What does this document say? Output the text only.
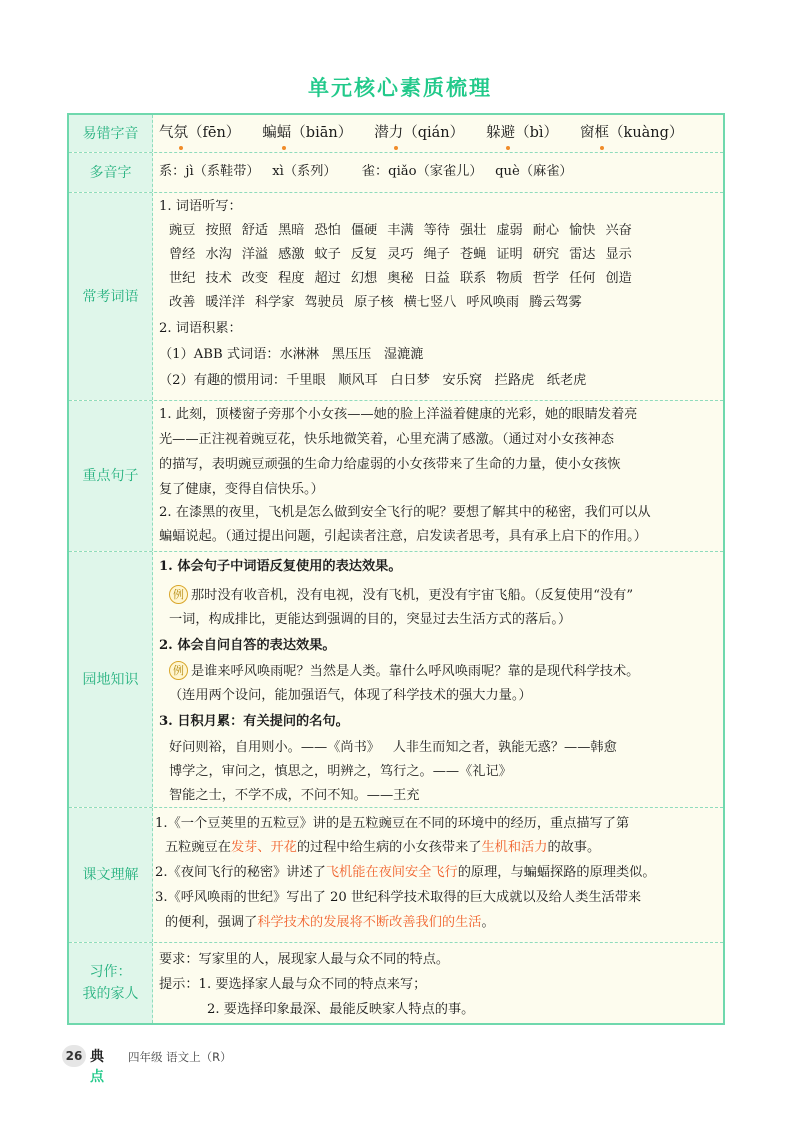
单元核心素质梳理
易错字音	气氛（fēn） 蝙蝠（biān） 潜力（qián） 躲避（bì） 窗框（kuàng）
多音字	系：jì（系鞋带）   xì（系列）      雀：qiǎo（家雀儿）   què（麻雀）
常考词语
1. 词语听写：
豌豆 按照 舒适 黑暗 恐怕 僵硬 丰满 等待 强壮 虚弱 耐心 愉快 兴奋
曾经 水沟 洋溢 感激 蚊子 反复 灵巧 绳子 苍蝇 证明 研究 雷达 显示
世纪 技术 改变 程度 超过 幻想 奥秘 日益 联系 物质 哲学 任何 创造
改善 暖洋洋 科学家 驾驶员 原子核 横七竖八 呼风唤雨 腾云驾雾
2. 词语积累：
（1）ABB 式词语：水淋淋   黑压压   湿漉漉
（2）有趣的惯用词：千里眼   顺风耳   白日梦   安乐窝   拦路虎   纸老虎
重点句子
1. 此刻，顶楼窗子旁那个小女孩——她的脸上洋溢着健康的光彩，她的眼睛发着亮
光——正注视着豌豆花，快乐地微笑着，心里充满了感激。（通过对小女孩神态
的描写，表明豌豆顽强的生命力给虚弱的小女孩带来了生命的力量，使小女孩恢
复了健康，变得自信快乐。）
2. 在漆黑的夜里，飞机是怎么做到安全飞行的呢？要想了解其中的秘密，我们可以从
蝙蝠说起。（通过提出问题，引起读者注意，启发读者思考，具有承上启下的作用。）
园地知识
1. 体会句子中词语反复使用的表达效果。
例 那时没有收音机，没有电视，没有飞机，更没有宇宙飞船。（反复使用“没有”
一词，构成排比，更能达到强调的目的，突显过去生活方式的落后。）
2. 体会自问自答的表达效果。
例 是谁来呼风唤雨呢？当然是人类。靠什么呼风唤雨呢？靠的是现代科学技术。
（连用两个设问，能加强语气，体现了科学技术的强大力量。）
3. 日积月累：有关提问的名句。
好问则裕，自用则小。——《尚书》   人非生而知之者，孰能无惑？——韩愈
博学之，审问之，慎思之，明辨之，笃行之。——《礼记》
智能之士，不学不成，不问不知。——王充
课文理解
1.《一个豆荚里的五粒豆》讲的是五粒豌豆在不同的环境中的经历，重点描写了第
五粒豌豆在发芽、开花的过程中给生病的小女孩带来了生机和活力的故事。
2.《夜间飞行的秘密》讲述了飞机能在夜间安全飞行的原理，与蝙蝠探路的原理类似。
3.《呼风唤雨的世纪》写出了 20 世纪科学技术取得的巨大成就以及给人类生活带来
的便利，强调了科学技术的发展将不断改善我们的生活。
习作：
我的家人
要求：写家里的人，展现家人最与众不同的特点。
提示：1. 要选择家人最与众不同的特点来写；
2. 要选择印象最深、最能反映家人特点的事。
26 典点
四年级 语文上（R）
